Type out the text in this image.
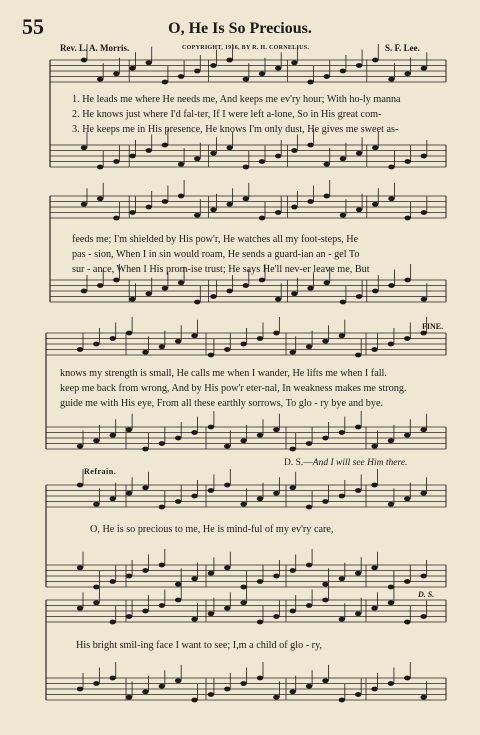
55	O, He Is So Precious.
Rev. L. A. Morris.	COPYRIGHT, 1916, BY R. H. CORNELIUS.	S. F. Lee.
1. He leads me where He needs me, And keeps me ev'ry hour; With ho-ly manna
2. He knows just where I'd fal-ter, If I were left a-lone, So in His great com-
3. He keeps me in His presence, He knows I'm only dust, He gives me sweet as-
feeds me; I'm shielded by His pow'r, He watches all my foot-steps, He
pas - sion, When I in sin would roam, He sends a guard-ian an - gel To
sur - ance, When I His prom-ise trust; He says He'll nev-er leave me, But
FINE.
knows my strength is small, He calls me when I wander, He lifts me when I fall.
keep me back from wrong, And by His pow'r eter-nal, In weakness makes me strong.
guide me with His eye, From all these earthly sorrows, To glo - ry bye and bye.
D. S.—And I will see Him there.
Refrain.
O, He is so precious to me, He is mind-ful of my ev'ry care,
D. S.
His bright smil-ing face I want to see; I,m a child of glo - ry,
